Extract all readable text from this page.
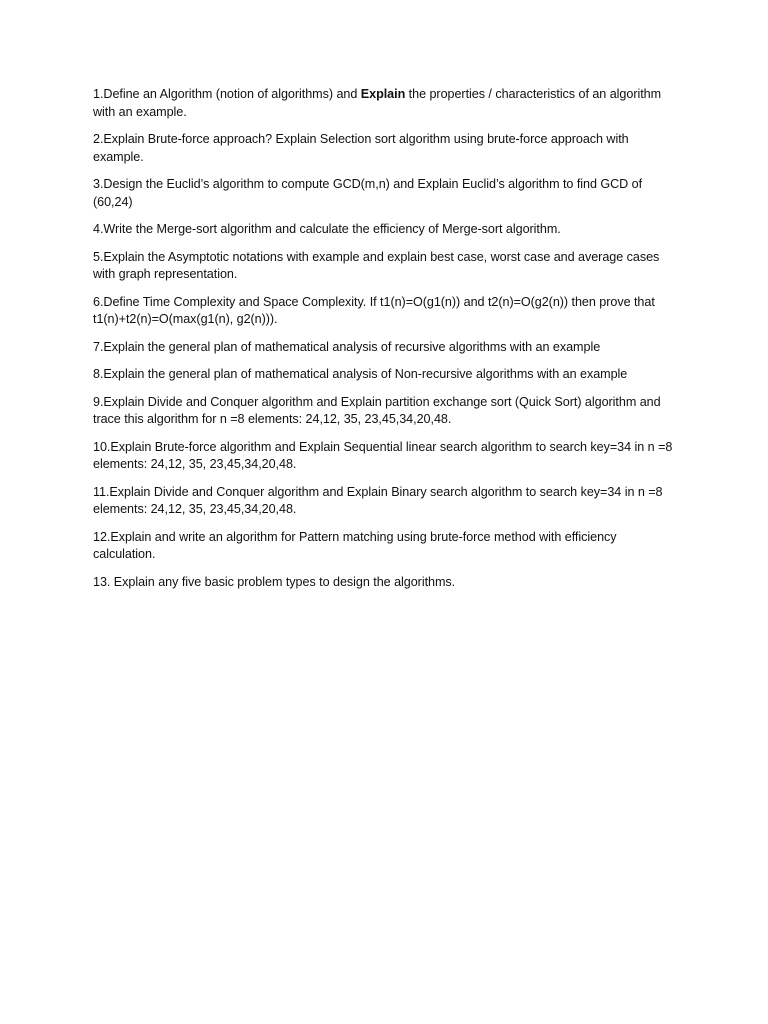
1.Define an Algorithm (notion of algorithms) and Explain the properties / characteristics of an algorithm with an example.

2.Explain Brute-force approach? Explain Selection sort algorithm using brute-force approach with example.

3.Design the Euclid’s algorithm to compute GCD(m,n) and Explain Euclid’s algorithm to find GCD of (60,24)

4.Write the Merge-sort algorithm and calculate the efficiency of Merge-sort algorithm.

5.Explain the Asymptotic notations with example and explain best case, worst case and average cases with graph representation.

6.Define Time Complexity and Space Complexity. If t1(n)=O(g1(n)) and t2(n)=O(g2(n)) then prove that t1(n)+t2(n)=O(max(g1(n), g2(n))).

7.Explain the general plan of mathematical analysis of recursive algorithms with an example

8.Explain the general plan of mathematical analysis of Non-recursive algorithms with an example

9.Explain Divide and Conquer algorithm and Explain partition exchange sort (Quick Sort) algorithm and trace this algorithm for n =8 elements: 24,12, 35, 23,45,34,20,48.

10.Explain Brute-force algorithm and Explain Sequential linear search algorithm to search key=34 in n =8 elements: 24,12, 35, 23,45,34,20,48.

11.Explain Divide and Conquer algorithm and Explain Binary search algorithm to search key=34 in n =8 elements: 24,12, 35, 23,45,34,20,48.

12.Explain and write an algorithm for Pattern matching using brute-force method with efficiency calculation.

13. Explain any five basic problem types to design the algorithms.
